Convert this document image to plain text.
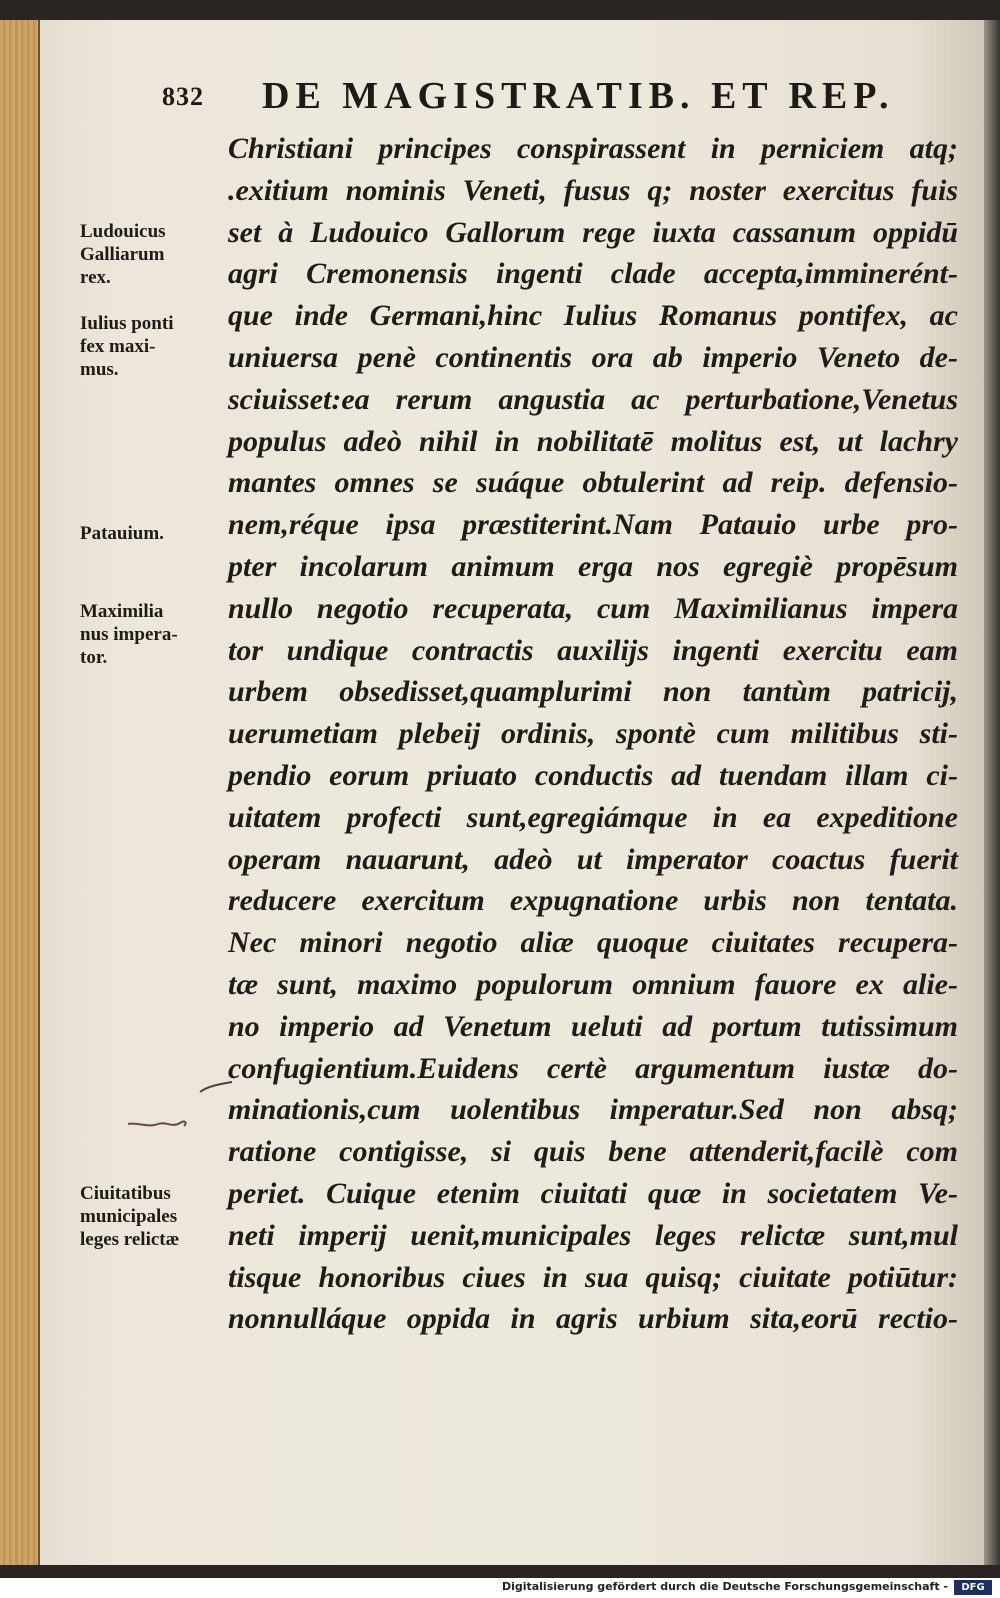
832 DE MAGISTRATIB. ET REP.
Ludouicus
Galliarum
rex.
Iulius ponti
fex maxi-
mus.
Patauium.
Maximilia
nus impera-
tor.
Ciuitatibus
municipales
leges relictæ
Christiani principes conspirassent in perniciem atq;
.exitium nominis Veneti, fusus q; noster exercitus fuis
set à Ludouico Gallorum rege iuxta cassanum oppidū
agri Cremonensis ingenti clade accepta,imminerént-
que inde Germani,hinc Iulius Romanus pontifex, ac
uniuersa penè continentis ora ab imperio Veneto de-
sciuisset:ea rerum angustia ac perturbatione,Venetus
populus adeò nihil in nobilitatē molitus est, ut lachry
mantes omnes se suáque obtulerint ad reip. defensio-
nem,réque ipsa præstiterint.Nam Patauio urbe pro-
pter incolarum animum erga nos egregiè propēsum
nullo negotio recuperata, cum Maximilianus impera
tor undique contractis auxilijs ingenti exercitu eam
urbem obsedisset,quamplurimi non tantùm patricij,
uerumetiam plebeij ordinis, spontè cum militibus sti-
pendio eorum priuato conductis ad tuendam illam ci-
uitatem profecti sunt,egregiámque in ea expeditione
operam nauarunt, adeò ut imperator coactus fuerit
reducere exercitum expugnatione urbis non tentata.
Nec minori negotio aliæ quoque ciuitates recupera-
tæ sunt, maximo populorum omnium fauore ex alie-
no imperio ad Venetum ueluti ad portum tutissimum
confugientium.Euidens certè argumentum iustæ do-
minationis,cum uolentibus imperatur.Sed non absq;
ratione contigisse, si quis bene attenderit,facilè com
periet. Cuique etenim ciuitati quæ in societatem Ve-
neti imperij uenit,municipales leges relictæ sunt,mul
tisque honoribus ciues in sua quisq; ciuitate potiūtur:
nonnulláque oppida in agris urbium sita,eorū rectio-
Digitalisierung gefördert durch die Deutsche Forschungsgemeinschaft -	DFG
